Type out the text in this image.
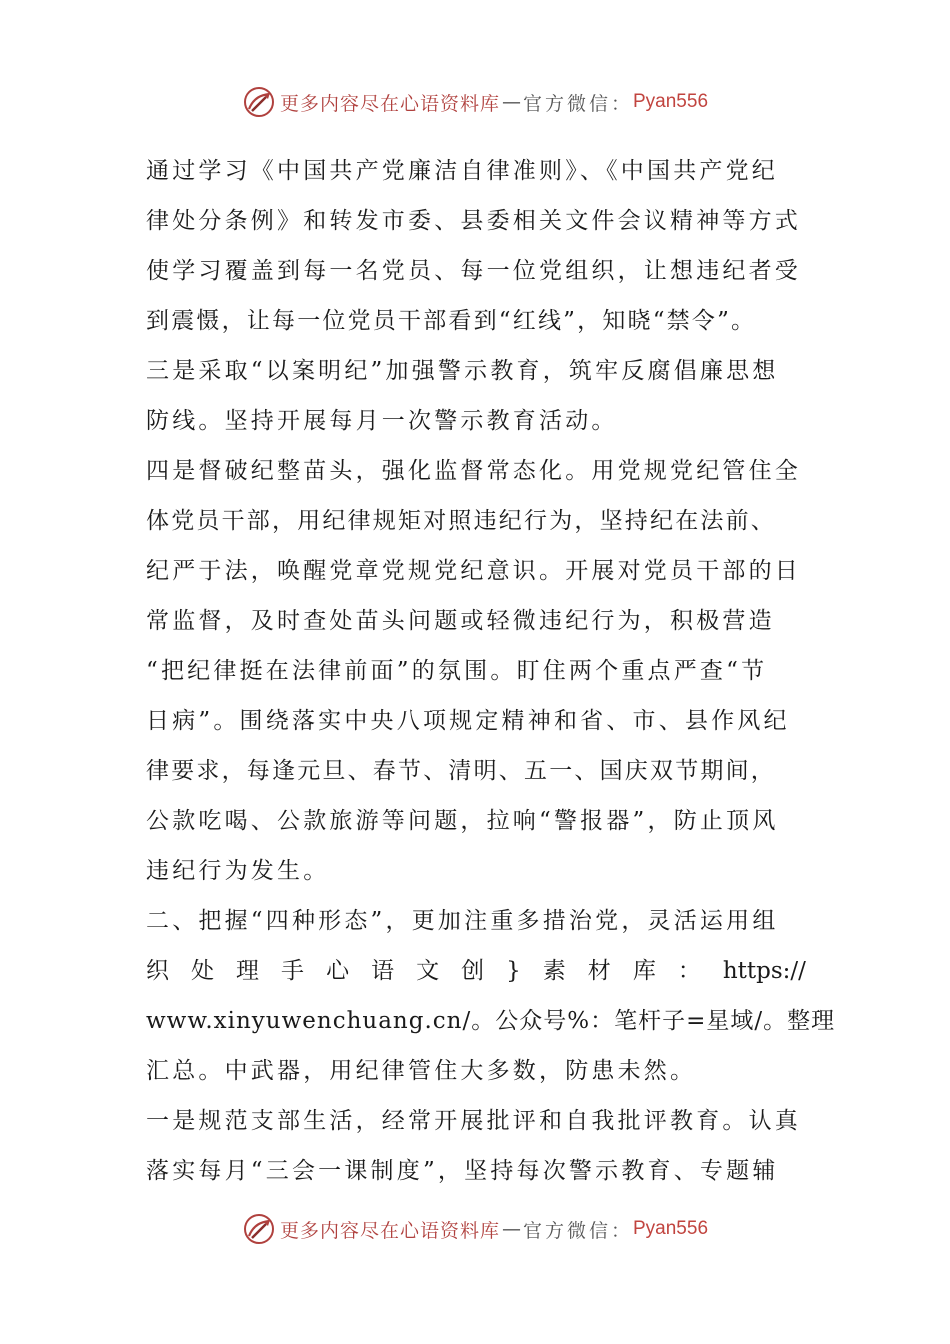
更多内容尽在心语资料库 — 官方微信： Pyan556
通过学习《中国共产党廉洁自律准则》、《中国共产党纪
律处分条例》和转发市委、县委相关文件会议精神等方式
使学习覆盖到每一名党员、每一位党组织，让想违纪者受
到震慑，让每一位党员干部看到“红线”，知晓“禁令”。
三是采取“以案明纪”加强警示教育，筑牢反腐倡廉思想
防线。坚持开展每月一次警示教育活动。
四是督破纪整苗头，强化监督常态化。用党规党纪管住全
体党员干部，用纪律规矩对照违纪行为，坚持纪在法前、
纪严于法，唤醒党章党规党纪意识。开展对党员干部的日
常监督，及时查处苗头问题或轻微违纪行为，积极营造
“把纪律挺在法律前面”的氛围。盯住两个重点严查“节
日病”。围绕落实中央八项规定精神和省、市、县作风纪
律要求，每逢元旦、春节、清明、五一、国庆双节期间，
公款吃喝、公款旅游等问题，拉响“警报器”，防止顶风
违纪行为发生。
二、把握“四种形态”，更加注重多措治党，灵活运用组
织 处 理 手 心 语 文 创 } 素 材 库 ： https://
www.xinyuwenchuang.cn/。公众号%：笔杆子=星域/。整理
汇总。中武器，用纪律管住大多数，防患未然。
一是规范支部生活，经常开展批评和自我批评教育。认真
落实每月“三会一课制度”，坚持每次警示教育、专题辅
更多内容尽在心语资料库 — 官方微信： Pyan556
